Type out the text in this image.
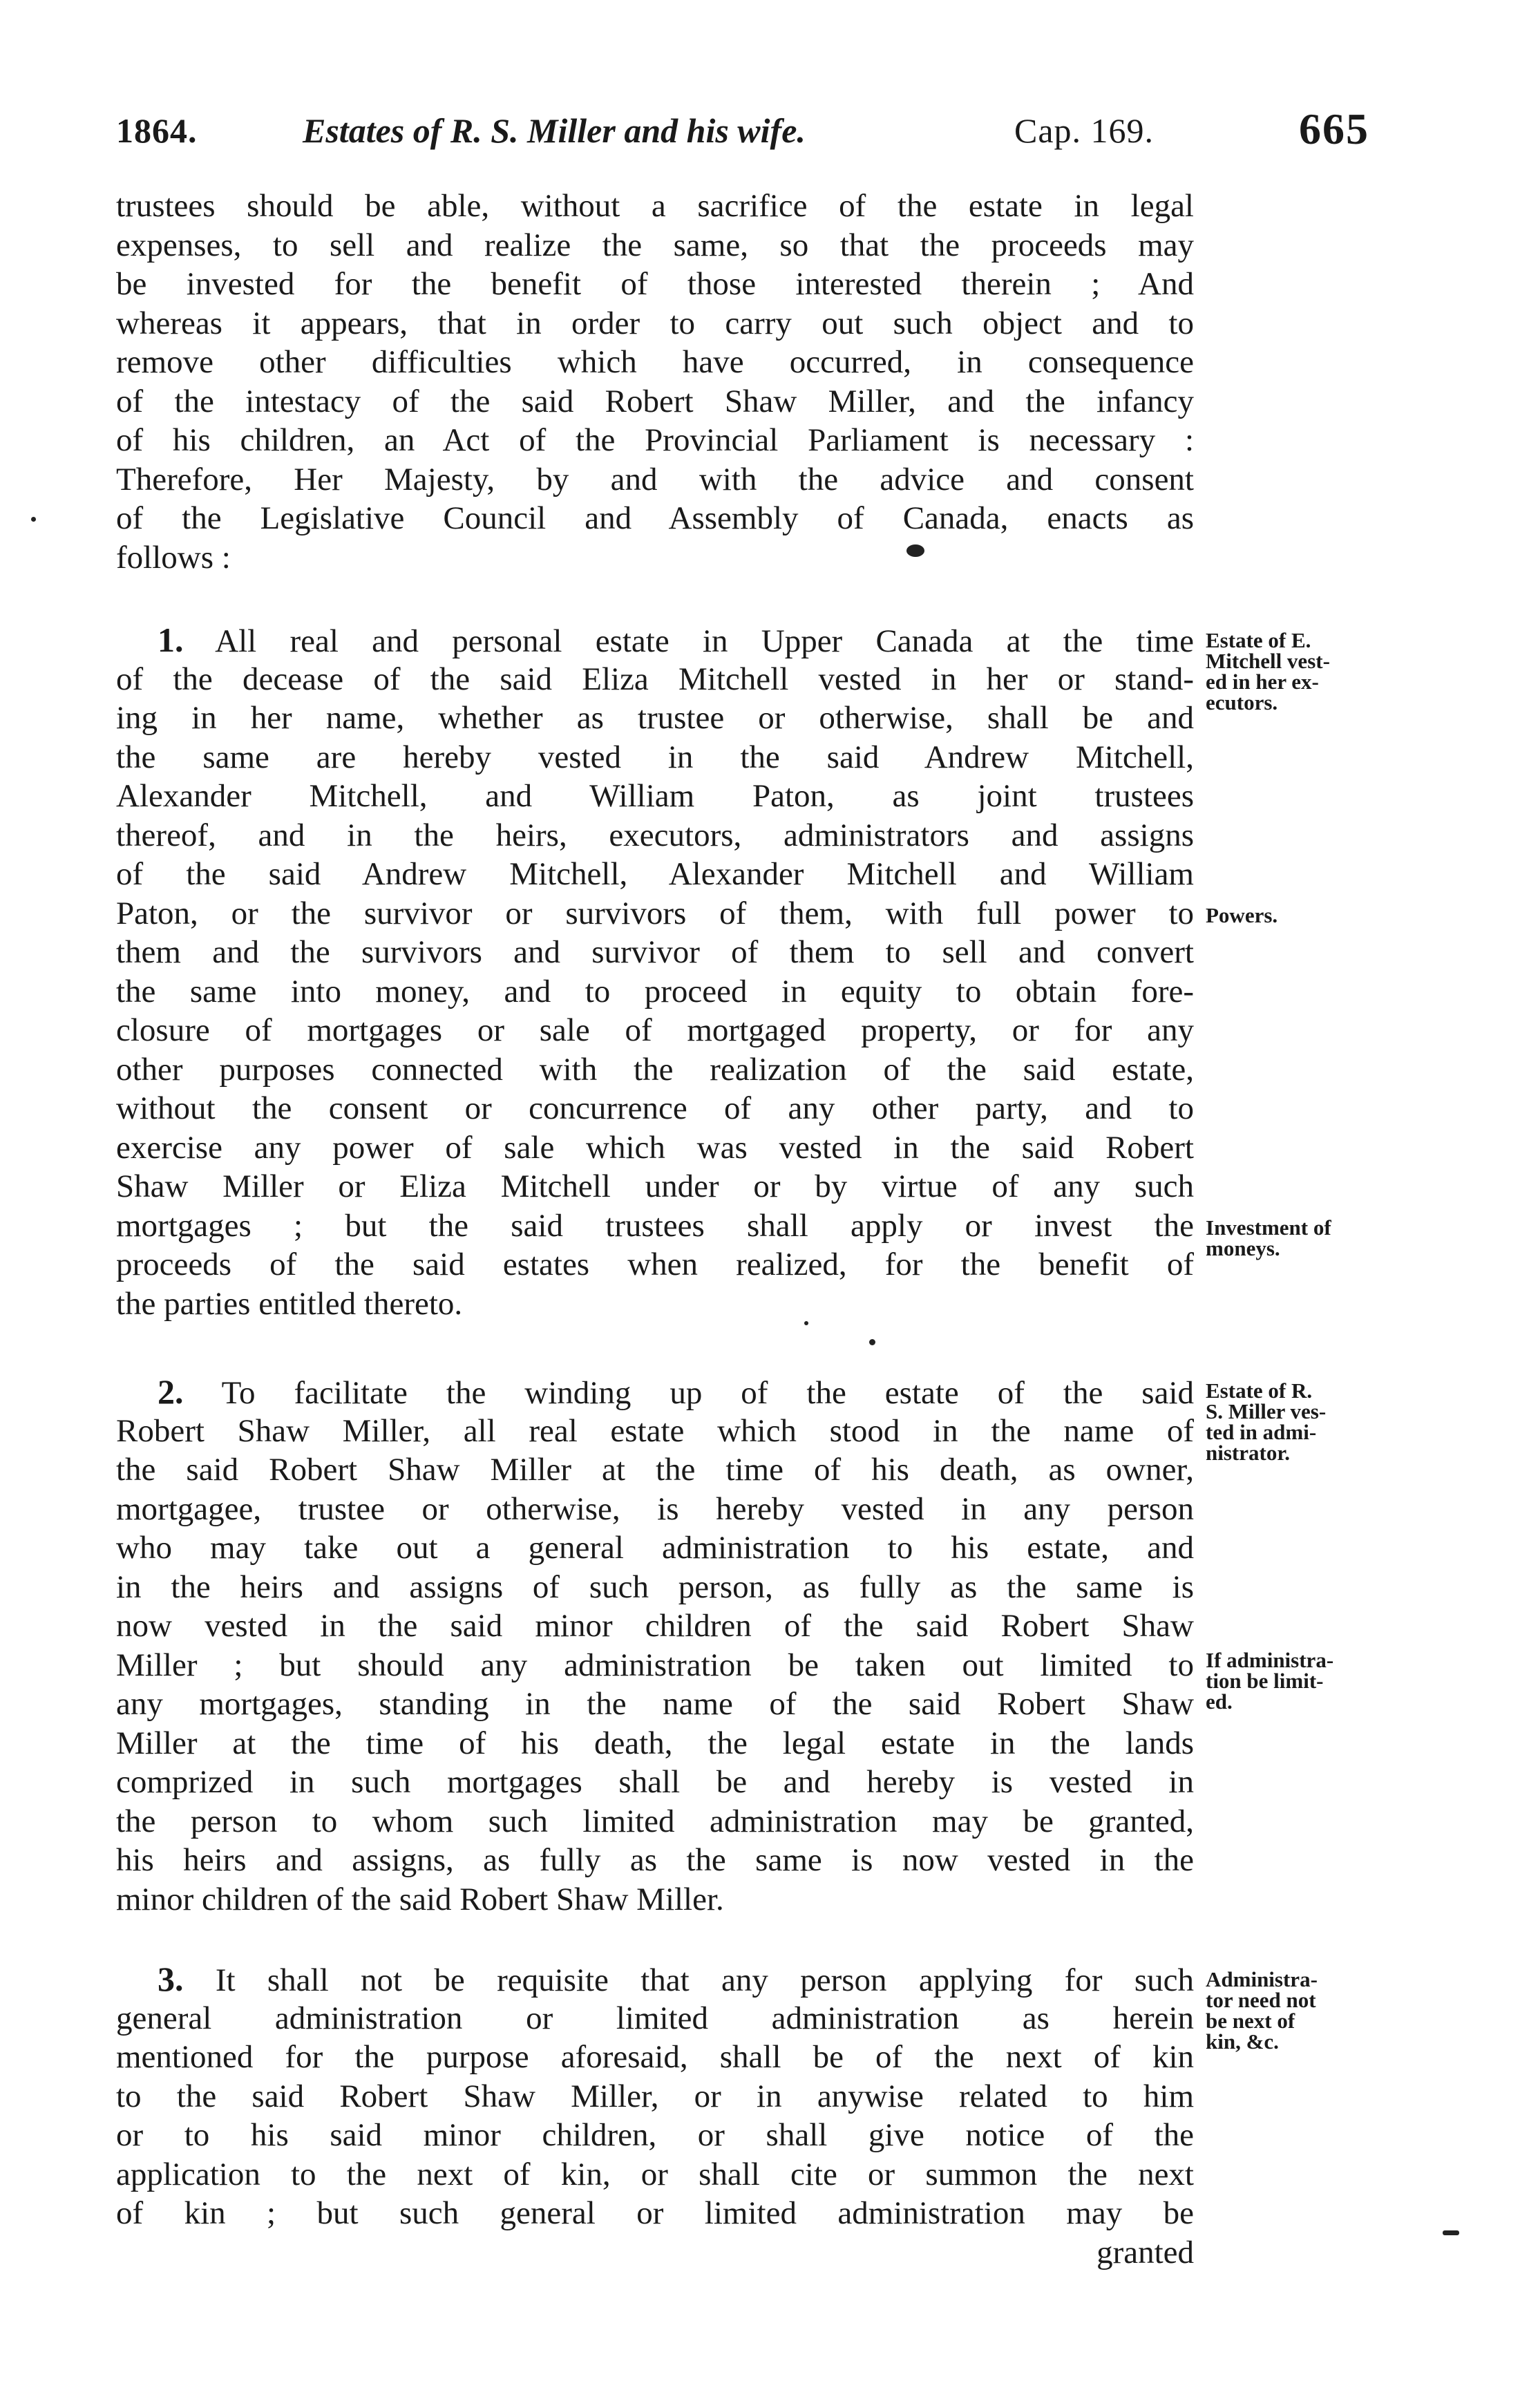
1864.	Estates of R. S. Miller and his wife.	Cap. 169.	665
trustees should be able, without a sacrifice of the estate in legal
expenses, to sell and realize the same, so that the proceeds may
be invested for the benefit of those interested therein ; And
whereas it appears, that in order to carry out such object and to
remove other difficulties which have occurred, in consequence
of the intestacy of the said Robert Shaw Miller, and the infancy
of his children, an Act of the Provincial Parliament is necessary :
Therefore, Her Majesty, by and with the advice and consent
of the Legislative Council and Assembly of Canada, enacts as
follows :
1. All real and personal estate in Upper Canada at the time
of the decease of the said Eliza Mitchell vested in her or stand-
ing in her name, whether as trustee or otherwise, shall be and
the same are hereby vested in the said Andrew Mitchell,
Alexander Mitchell, and William Paton, as joint trustees
thereof, and in the heirs, executors, administrators and assigns
of the said Andrew Mitchell, Alexander Mitchell and William
Paton, or the survivor or survivors of them, with full power to
them and the survivors and survivor of them to sell and convert
the same into money, and to proceed in equity to obtain fore-
closure of mortgages or sale of mortgaged property, or for any
other purposes connected with the realization of the said estate,
without the consent or concurrence of any other party, and to
exercise any power of sale which was vested in the said Robert
Shaw Miller or Eliza Mitchell under or by virtue of any such
mortgages ; but the said trustees shall apply or invest the
proceeds of the said estates when realized, for the benefit of
the parties entitled thereto.
Estate of E.
Mitchell vest-
ed in her ex-
ecutors.
Powers.
Investment of
moneys.
2. To facilitate the winding up of the estate of the said
Robert Shaw Miller, all real estate which stood in the name of
the said Robert Shaw Miller at the time of his death, as owner,
mortgagee, trustee or otherwise, is hereby vested in any person
who may take out a general administration to his estate, and
in the heirs and assigns of such person, as fully as the same is
now vested in the said minor children of the said Robert Shaw
Miller ; but should any administration be taken out limited to
any mortgages, standing in the name of the said Robert Shaw
Miller at the time of his death, the legal estate in the lands
comprized in such mortgages shall be and hereby is vested in
the person to whom such limited administration may be granted,
his heirs and assigns, as fully as the same is now vested in the
minor children of the said Robert Shaw Miller.
Estate of R.
S. Miller ves-
ted in admi-
nistrator.
If administra-
tion be limit-
ed.
3. It shall not be requisite that any person applying for such
general administration or limited administration as herein
mentioned for the purpose aforesaid, shall be of the next of kin
to the said Robert Shaw Miller, or in anywise related to him
or to his said minor children, or shall give notice of the
application to the next of kin, or shall cite or summon the next
of kin ; but such general or limited administration may be
granted
Administra-
tor need not
be next of
kin, &c.
